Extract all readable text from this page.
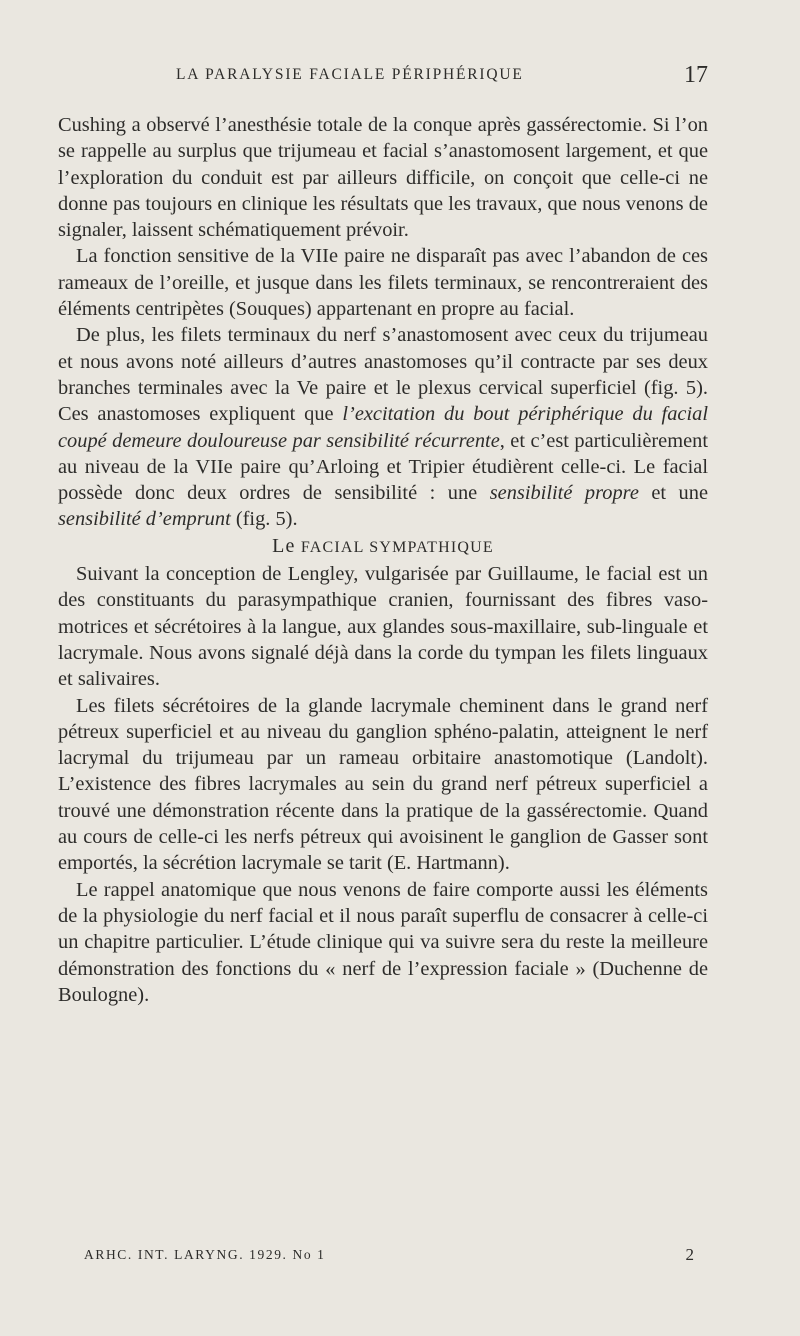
LA PARALYSIE FACIALE PÉRIPHÉRIQUE	17

Cushing a observé l’anesthésie totale de la conque après gassérectomie. Si l’on se rappelle au surplus que trijumeau et facial s’anastomosent largement, et que l’exploration du conduit est par ailleurs difficile, on conçoit que celle-ci ne donne pas toujours en clinique les résultats que les travaux, que nous venons de signaler, laissent schématiquement prévoir.

La fonction sensitive de la VIIe paire ne disparaît pas avec l’abandon de ces rameaux de l’oreille, et jusque dans les filets terminaux, se rencontreraient des éléments centripètes (Souques) appartenant en propre au facial.

De plus, les filets terminaux du nerf s’anastomosent avec ceux du trijumeau et nous avons noté ailleurs d’autres anastomoses qu’il contracte par ses deux branches terminales avec la Ve paire et le plexus cervical superficiel (fig. 5). Ces anastomoses expliquent que l’excitation du bout périphérique du facial coupé demeure douloureuse par sensibilité récurrente, et c’est particulièrement au niveau de la VIIe paire qu’Arloing et Tripier étudièrent celle-ci. Le facial possède donc deux ordres de sensibilité : une sensibilité propre et une sensibilité d’emprunt (fig. 5).

Le FACIAL SYMPATHIQUE

Suivant la conception de Lengley, vulgarisée par Guillaume, le facial est un des constituants du parasympathique cranien, fournissant des fibres vaso-motrices et sécrétoires à la langue, aux glandes sous-maxillaire, sub-linguale et lacrymale. Nous avons signalé déjà dans la corde du tympan les filets linguaux et salivaires.

Les filets sécrétoires de la glande lacrymale cheminent dans le grand nerf pétreux superficiel et au niveau du ganglion sphéno-palatin, atteignent le nerf lacrymal du trijumeau par un rameau orbitaire anastomotique (Landolt). L’existence des fibres lacrymales au sein du grand nerf pétreux superficiel a trouvé une démonstration récente dans la pratique de la gassérectomie. Quand au cours de celle-ci les nerfs pétreux qui avoisinent le ganglion de Gasser sont emportés, la sécrétion lacrymale se tarit (E. Hartmann).

Le rappel anatomique que nous venons de faire comporte aussi les éléments de la physiologie du nerf facial et il nous paraît superflu de consacrer à celle-ci un chapitre particulier. L’étude clinique qui va suivre sera du reste la meilleure démonstration des fonctions du « nerf de l’expression faciale » (Duchenne de Boulogne).

ARHC. INT. LARYNG. 1929. No 1	2
